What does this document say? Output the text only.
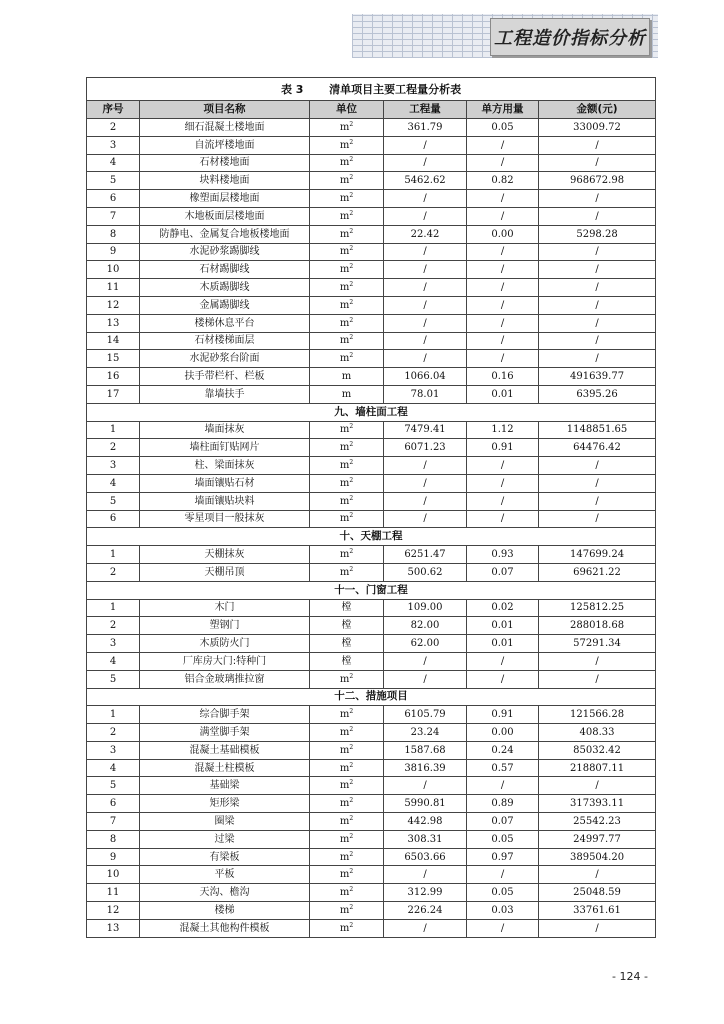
工程造价指标分析
表 3 清单项目主要工程量分析表					
序号	项目名称	单位	工程量	单方用量	金额(元)
2	细石混凝土楼地面	$m^2$	361.79	0.05	33009.72
3	自流坪楼地面	$m^2$	/	/	/
4	石材楼地面	$m^2$	/	/	/
5	块料楼地面	$m^2$	5462.62	0.82	968672.98
6	橡塑面层楼地面	$m^2$	/	/	/
7	木地板面层楼地面	$m^2$	/	/	/
8	防静电、金属复合地板楼地面	$m^2$	22.42	0.00	5298.28
9	水泥砂浆踢脚线	$m^2$	/	/	/
10	石材踢脚线	$m^2$	/	/	/
11	木质踢脚线	$m^2$	/	/	/
12	金属踢脚线	$m^2$	/	/	/
13	楼梯休息平台	$m^2$	/	/	/
14	石材楼梯面层	$m^2$	/	/	/
15	水泥砂浆台阶面	$m^2$	/	/	/
16	扶手带栏杆、栏板	m	1066.04	0.16	491639.77
17	靠墙扶手	m	78.01	0.01	6395.26
九、墙柱面工程					
1	墙面抹灰	$m^2$	7479.41	1.12	1148851.65
2	墙柱面钉贴网片	$m^2$	6071.23	0.91	64476.42
3	柱、梁面抹灰	$m^2$	/	/	/
4	墙面镶贴石材	$m^2$	/	/	/
5	墙面镶贴块料	$m^2$	/	/	/
6	零星项目一般抹灰	$m^2$	/	/	/
十、天棚工程					
1	天棚抹灰	$m^2$	6251.47	0.93	147699.24
2	天棚吊顶	$m^2$	500.62	0.07	69621.22
十一、门窗工程					
1	木门	樘	109.00	0.02	125812.25
2	塑钢门	樘	82.00	0.01	288018.68
3	木质防火门	樘	62.00	0.01	57291.34
4	厂库房大门:特种门	樘	/	/	/
5	铝合金玻璃推拉窗	$m^2$	/	/	/
十二、措施项目					
1	综合脚手架	$m^2$	6105.79	0.91	121566.28
2	满堂脚手架	$m^2$	23.24	0.00	408.33
3	混凝土基础模板	$m^2$	1587.68	0.24	85032.42
4	混凝土柱模板	$m^2$	3816.39	0.57	218807.11
5	基础梁	$m^2$	/	/	/
6	矩形梁	$m^2$	5990.81	0.89	317393.11
7	圈梁	$m^2$	442.98	0.07	25542.23
8	过梁	$m^2$	308.31	0.05	24997.77
9	有梁板	$m^2$	6503.66	0.97	389504.20
10	平板	$m^2$	/	/	/
11	天沟、檐沟	$m^2$	312.99	0.05	25048.59
12	楼梯	$m^2$	226.24	0.03	33761.61
13	混凝土其他构件模板	$m^2$	/	/	/
- 124 -
